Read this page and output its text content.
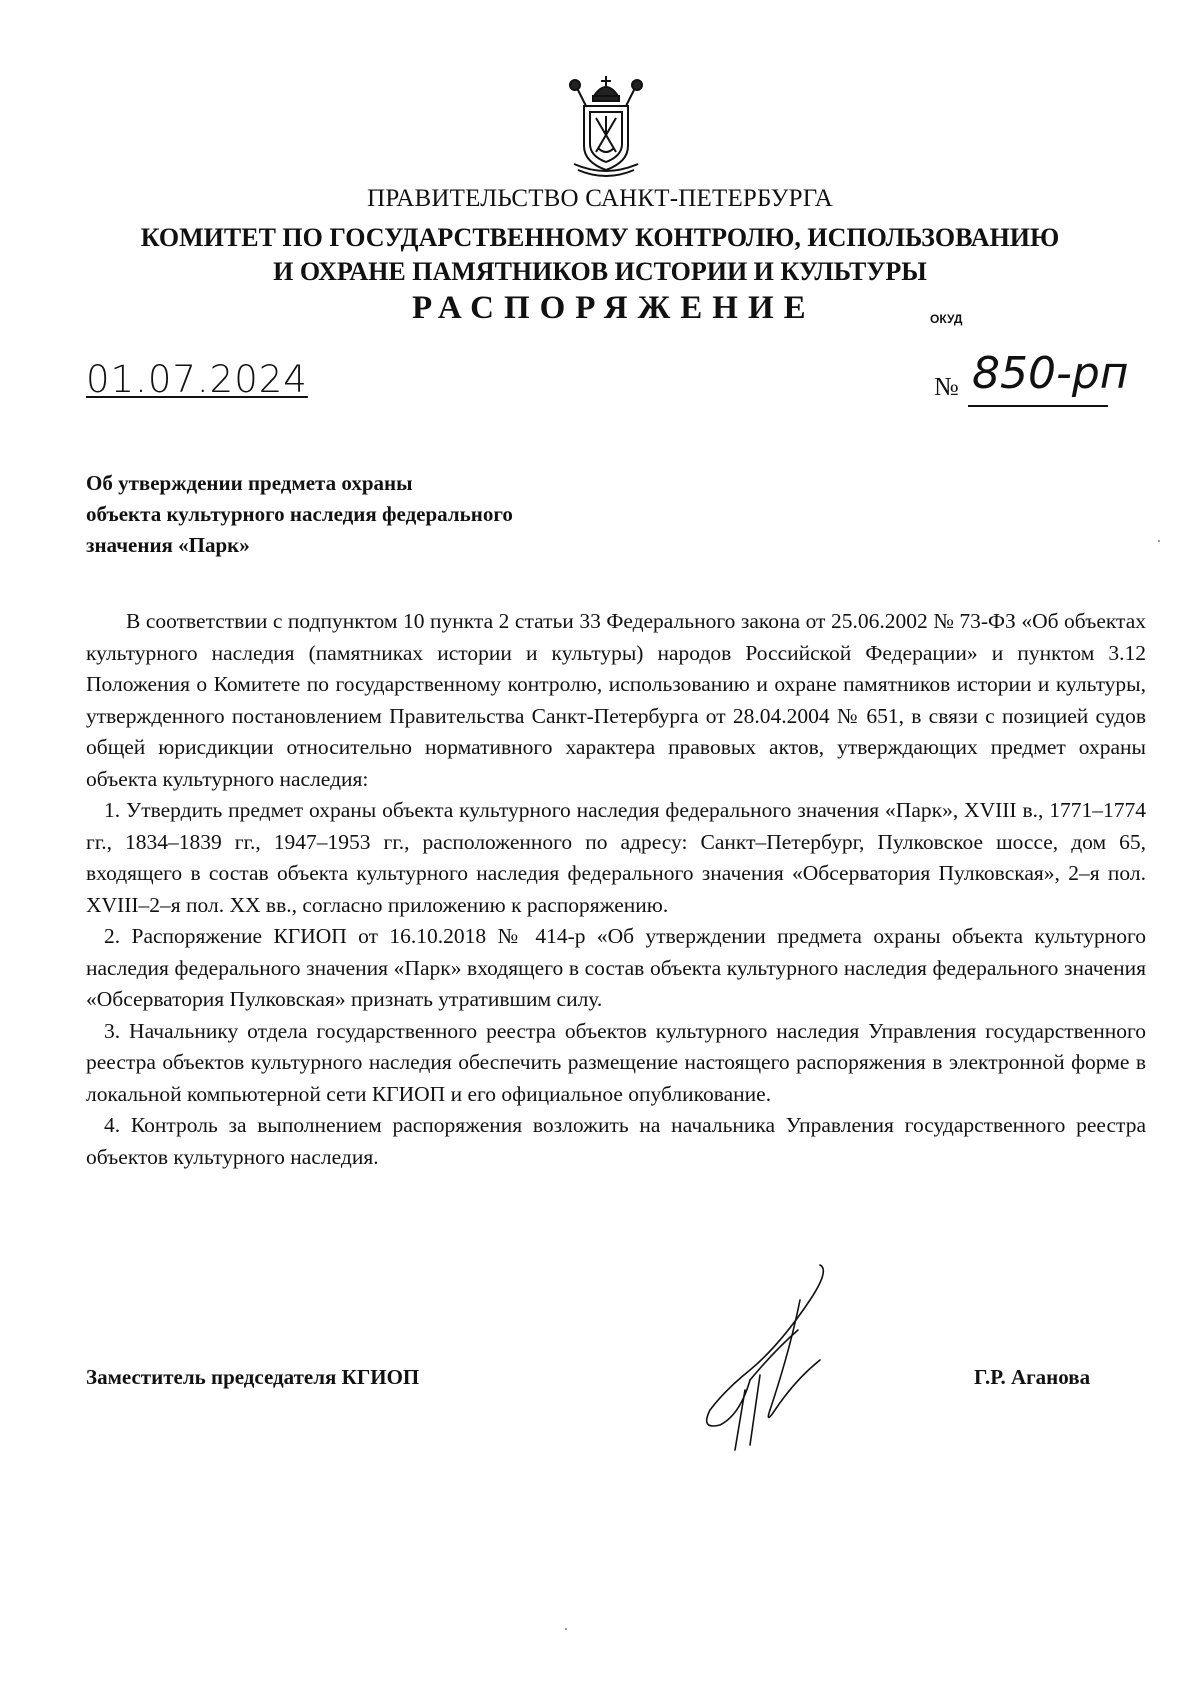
ПРАВИТЕЛЬСТВО САНКТ-ПЕТЕРБУРГА
КОМИТЕТ ПО ГОСУДАРСТВЕННОМУ КОНТРОЛЮ, ИСПОЛЬЗОВАНИЮ
И ОХРАНЕ ПАМЯТНИКОВ ИСТОРИИ И КУЛЬТУРЫ
РАСПОРЯЖЕНИЕ	ОКУД
01.07.2024	№ 850-рп
Об утверждении предмета охраны
объекта культурного наследия федерального
значения «Парк»

В соответствии с подпунктом 10 пункта 2 статьи 33 Федерального закона от 25.06.2002 № 73-ФЗ «Об объектах культурного наследия (памятниках истории и культуры) народов Российской Федерации» и пунктом 3.12 Положения о Комитете по государственному контролю, использованию и охране памятников истории и культуры, утвержденного постановлением Правительства Санкт-Петербурга от 28.04.2004 № 651, в связи с позицией судов общей юрисдикции относительно нормативного характера правовых актов, утверждающих предмет охраны объекта культурного наследия:

1. Утвердить предмет охраны объекта культурного наследия федерального значения «Парк», XVIII в., 1771–1774 гг., 1834–1839 гг., 1947–1953 гг., расположенного по адресу: Санкт–Петербург, Пулковское шоссе, дом 65, входящего в состав объекта культурного наследия федерального значения «Обсерватория Пулковская», 2–я пол. XVIII–2–я пол. XX вв., согласно приложению к распоряжению.

2. Распоряжение КГИОП от 16.10.2018 № 414-р «Об утверждении предмета охраны объекта культурного наследия федерального значения «Парк» входящего в состав объекта культурного наследия федерального значения «Обсерватория Пулковская» признать утратившим силу.

3. Начальнику отдела государственного реестра объектов культурного наследия Управления государственного реестра объектов культурного наследия обеспечить размещение настоящего распоряжения в электронной форме в локальной компьютерной сети КГИОП и его официальное опубликование.

4. Контроль за выполнением распоряжения возложить на начальника Управления государственного реестра объектов культурного наследия.

Заместитель председателя КГИОП	Г.Р. Аганова
